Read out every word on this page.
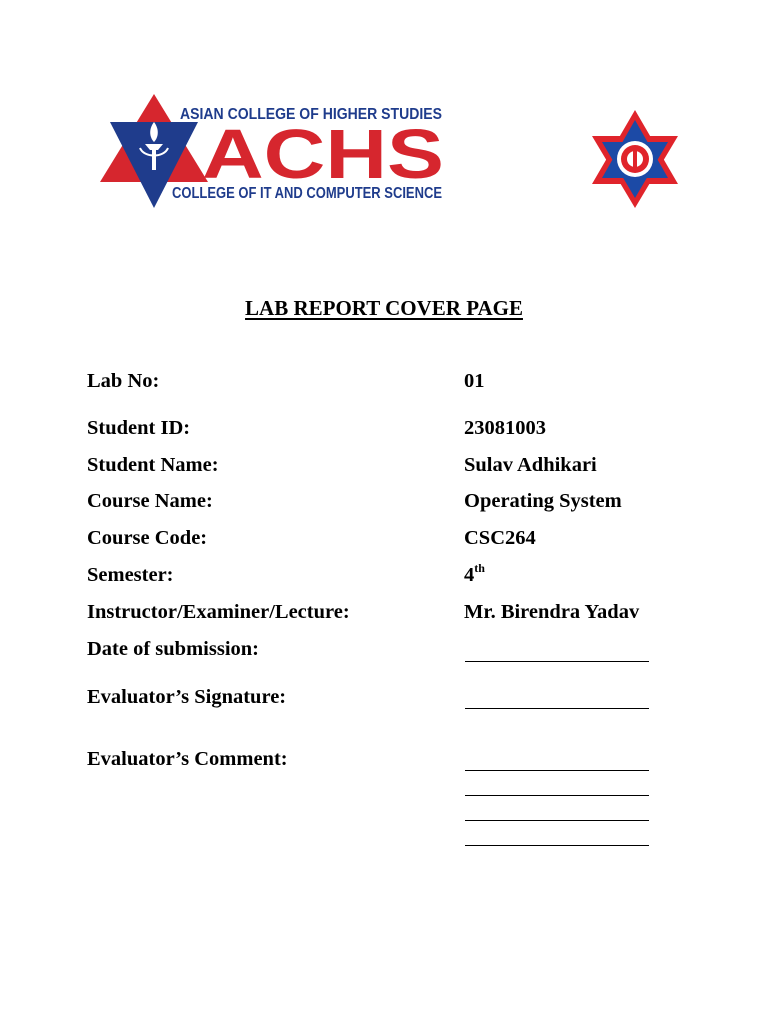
ASIAN COLLEGE OF HIGHER STUDIES
ACHS
COLLEGE OF IT AND COMPUTER SCIENCE
LAB REPORT COVER PAGE
Lab No:	01
Student ID:	23081003
Student Name:	Sulav Adhikari
Course Name:	Operating System
Course Code:	CSC264
Semester:	4th
Instructor/Examiner/Lecture:	Mr. Birendra Yadav
Date of submission:
Evaluator’s Signature:
Evaluator’s Comment:
